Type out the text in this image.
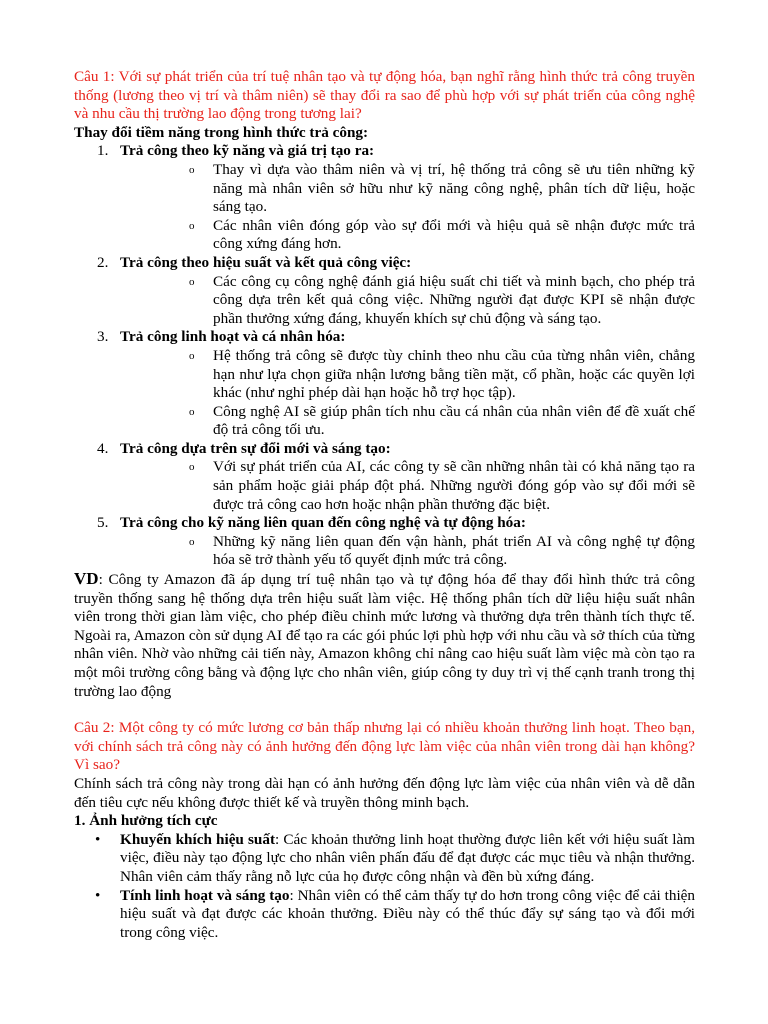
Câu 1: Với sự phát triển của trí tuệ nhân tạo và tự động hóa, bạn nghĩ rằng hình thức trả công truyền thống (lương theo vị trí và thâm niên) sẽ thay đổi ra sao để phù hợp với sự phát triển của công nghệ và nhu cầu thị trường lao động trong tương lai?

Thay đổi tiềm năng trong hình thức trả công:

1. Trả công theo kỹ năng và giá trị tạo ra:
o Thay vì dựa vào thâm niên và vị trí, hệ thống trả công sẽ ưu tiên những kỹ năng mà nhân viên sở hữu như kỹ năng công nghệ, phân tích dữ liệu, hoặc sáng tạo.
o Các nhân viên đóng góp vào sự đổi mới và hiệu quả sẽ nhận được mức trả công xứng đáng hơn.
2. Trả công theo hiệu suất và kết quả công việc:
o Các công cụ công nghệ đánh giá hiệu suất chi tiết và minh bạch, cho phép trả công dựa trên kết quả công việc. Những người đạt được KPI sẽ nhận được phần thưởng xứng đáng, khuyến khích sự chủ động và sáng tạo.
3. Trả công linh hoạt và cá nhân hóa:
o Hệ thống trả công sẽ được tùy chỉnh theo nhu cầu của từng nhân viên, chẳng hạn như lựa chọn giữa nhận lương bằng tiền mặt, cổ phần, hoặc các quyền lợi khác (như nghỉ phép dài hạn hoặc hỗ trợ học tập).
o Công nghệ AI sẽ giúp phân tích nhu cầu cá nhân của nhân viên để đề xuất chế độ trả công tối ưu.
4. Trả công dựa trên sự đổi mới và sáng tạo:
o Với sự phát triển của AI, các công ty sẽ cần những nhân tài có khả năng tạo ra sản phẩm hoặc giải pháp đột phá. Những người đóng góp vào sự đổi mới sẽ được trả công cao hơn hoặc nhận phần thưởng đặc biệt.
5. Trả công cho kỹ năng liên quan đến công nghệ và tự động hóa:
o Những kỹ năng liên quan đến vận hành, phát triển AI và công nghệ tự động hóa sẽ trở thành yếu tố quyết định mức trả công.

VD: Công ty Amazon đã áp dụng trí tuệ nhân tạo và tự động hóa để thay đổi hình thức trả công truyền thống sang hệ thống dựa trên hiệu suất làm việc. Hệ thống phân tích dữ liệu hiệu suất nhân viên trong thời gian làm việc, cho phép điều chỉnh mức lương và thưởng dựa trên thành tích thực tế. Ngoài ra, Amazon còn sử dụng AI để tạo ra các gói phúc lợi phù hợp với nhu cầu và sở thích của từng nhân viên. Nhờ vào những cải tiến này, Amazon không chỉ nâng cao hiệu suất làm việc mà còn tạo ra một môi trường công bằng và động lực cho nhân viên, giúp công ty duy trì vị thế cạnh tranh trong thị trường lao động

Câu 2: Một công ty có mức lương cơ bản thấp nhưng lại có nhiều khoản thưởng linh hoạt. Theo bạn, với chính sách trả công này có ảnh hưởng đến động lực làm việc của nhân viên trong dài hạn không? Vì sao?

Chính sách trả công này trong dài hạn có ảnh hưởng đến động lực làm việc của nhân viên và dễ dẫn đến tiêu cực nếu không được thiết kế và truyền thông minh bạch.

1. Ảnh hưởng tích cực

• Khuyến khích hiệu suất: Các khoản thưởng linh hoạt thường được liên kết với hiệu suất làm việc, điều này tạo động lực cho nhân viên phấn đấu để đạt được các mục tiêu và nhận thưởng. Nhân viên cảm thấy rằng nỗ lực của họ được công nhận và đền bù xứng đáng.
• Tính linh hoạt và sáng tạo: Nhân viên có thể cảm thấy tự do hơn trong công việc để cải thiện hiệu suất và đạt được các khoản thưởng. Điều này có thể thúc đẩy sự sáng tạo và đổi mới trong công việc.
